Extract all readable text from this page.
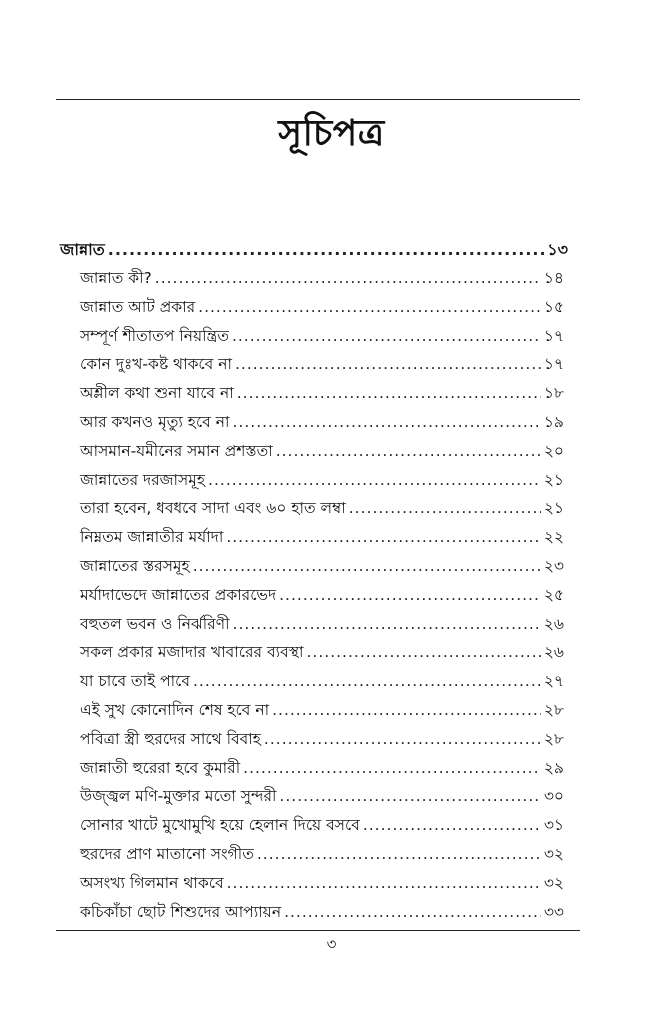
সূচিপত্র
জান্নাত .....	১৩
জান্নাত কী? .....	১৪
জান্নাত আট প্রকার .....	১৫
সম্পূর্ণ শীতাতপ নিয়ন্ত্রিত .....	১৭
কোন দুঃখ-কষ্ট থাকবে না .....	১৭
অশ্লীল কথা শুনা যাবে না .....	১৮
আর কখনও মৃত্যু হবে না .....	১৯
আসমান-যমীনের সমান প্রশস্ততা .....	২০
জান্নাতের দরজাসমূহ .....	২১
তারা হবেন, ধবধবে সাদা এবং ৬০ হাত লম্বা .....	২১
নিম্নতম জান্নাতীর মর্যাদা .....	২২
জান্নাতের স্তরসমূহ .....	২৩
মর্যাদাভেদে জান্নাতের প্রকারভেদ .....	২৫
বহুতল ভবন ও নির্ঝরিণী .....	২৬
সকল প্রকার মজাদার খাবারের ব্যবস্থা .....	২৬
যা চাবে তাই পাবে .....	২৭
এই সুখ কোনোদিন শেষ হবে না .....	২৮
পবিত্রা স্ত্রী হুরদের সাথে বিবাহ .....	২৮
জান্নাতী হুরেরা হবে কুমারী .....	২৯
উজ্জ্বল মণি-মুক্তার মতো সুন্দরী .....	৩০
সোনার খাটে মুখোমুখি হয়ে হেলান দিয়ে বসবে .....	৩১
হুরদের প্রাণ মাতানো সংগীত .....	৩২
অসংখ্য গিলমান থাকবে .....	৩২
কচিকাঁচা ছোট শিশুদের আপ্যায়ন .....	৩৩
৩
